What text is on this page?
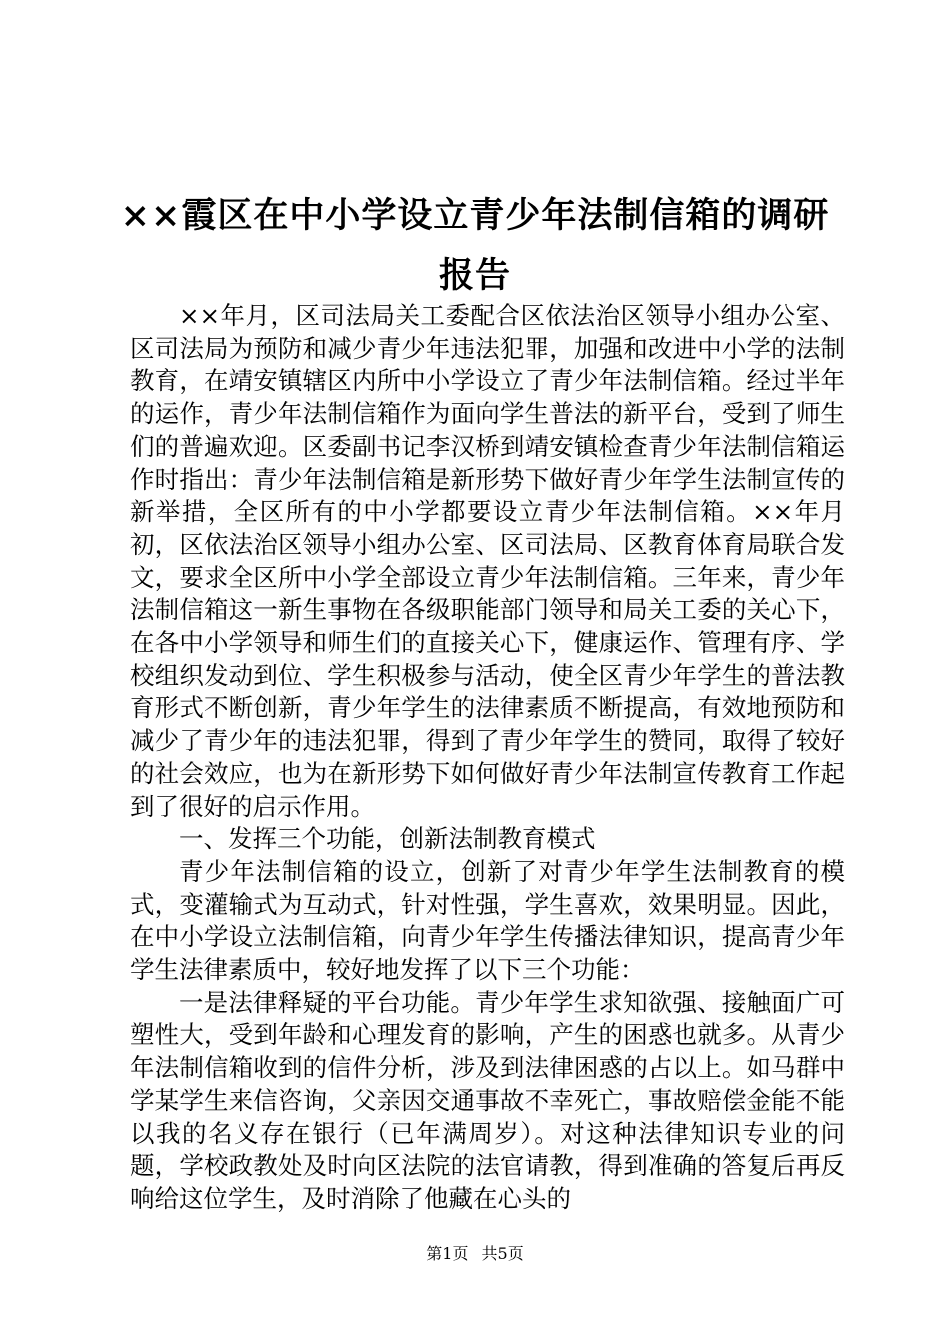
××霞区在中小学设立青少年法制信箱的调研报告

××年月，区司法局关工委配合区依法治区领导小组办公室、区司法局为预防和减少青少年违法犯罪，加强和改进中小学的法制教育，在靖安镇辖区内所中小学设立了青少年法制信箱。经过半年的运作，青少年法制信箱作为面向学生普法的新平台，受到了师生们的普遍欢迎。区委副书记李汉桥到靖安镇检查青少年法制信箱运作时指出：青少年法制信箱是新形势下做好青少年学生法制宣传的新举措，全区所有的中小学都要设立青少年法制信箱。××年月初，区依法治区领导小组办公室、区司法局、区教育体育局联合发文，要求全区所中小学全部设立青少年法制信箱。三年来，青少年法制信箱这一新生事物在各级职能部门领导和局关工委的关心下，在各中小学领导和师生们的直接关心下，健康运作、管理有序、学校组织发动到位、学生积极参与活动，使全区青少年学生的普法教育形式不断创新，青少年学生的法律素质不断提高，有效地预防和减少了青少年的违法犯罪，得到了青少年学生的赞同，取得了较好的社会效应，也为在新形势下如何做好青少年法制宣传教育工作起到了很好的启示作用。

一、发挥三个功能，创新法制教育模式

青少年法制信箱的设立，创新了对青少年学生法制教育的模式，变灌输式为互动式，针对性强，学生喜欢，效果明显。因此，在中小学设立法制信箱，向青少年学生传播法律知识，提高青少年学生法律素质中，较好地发挥了以下三个功能：

一是法律释疑的平台功能。青少年学生求知欲强、接触面广可塑性大，受到年龄和心理发育的影响，产生的困惑也就多。从青少年法制信箱收到的信件分析，涉及到法律困惑的占以上。如马群中学某学生来信咨询，父亲因交通事故不幸死亡，事故赔偿金能不能以我的名义存在银行（已年满周岁）。对这种法律知识专业的问题，学校政教处及时向区法院的法官请教，得到准确的答复后再反响给这位学生，及时消除了他藏在心头的

第1页 共5页
